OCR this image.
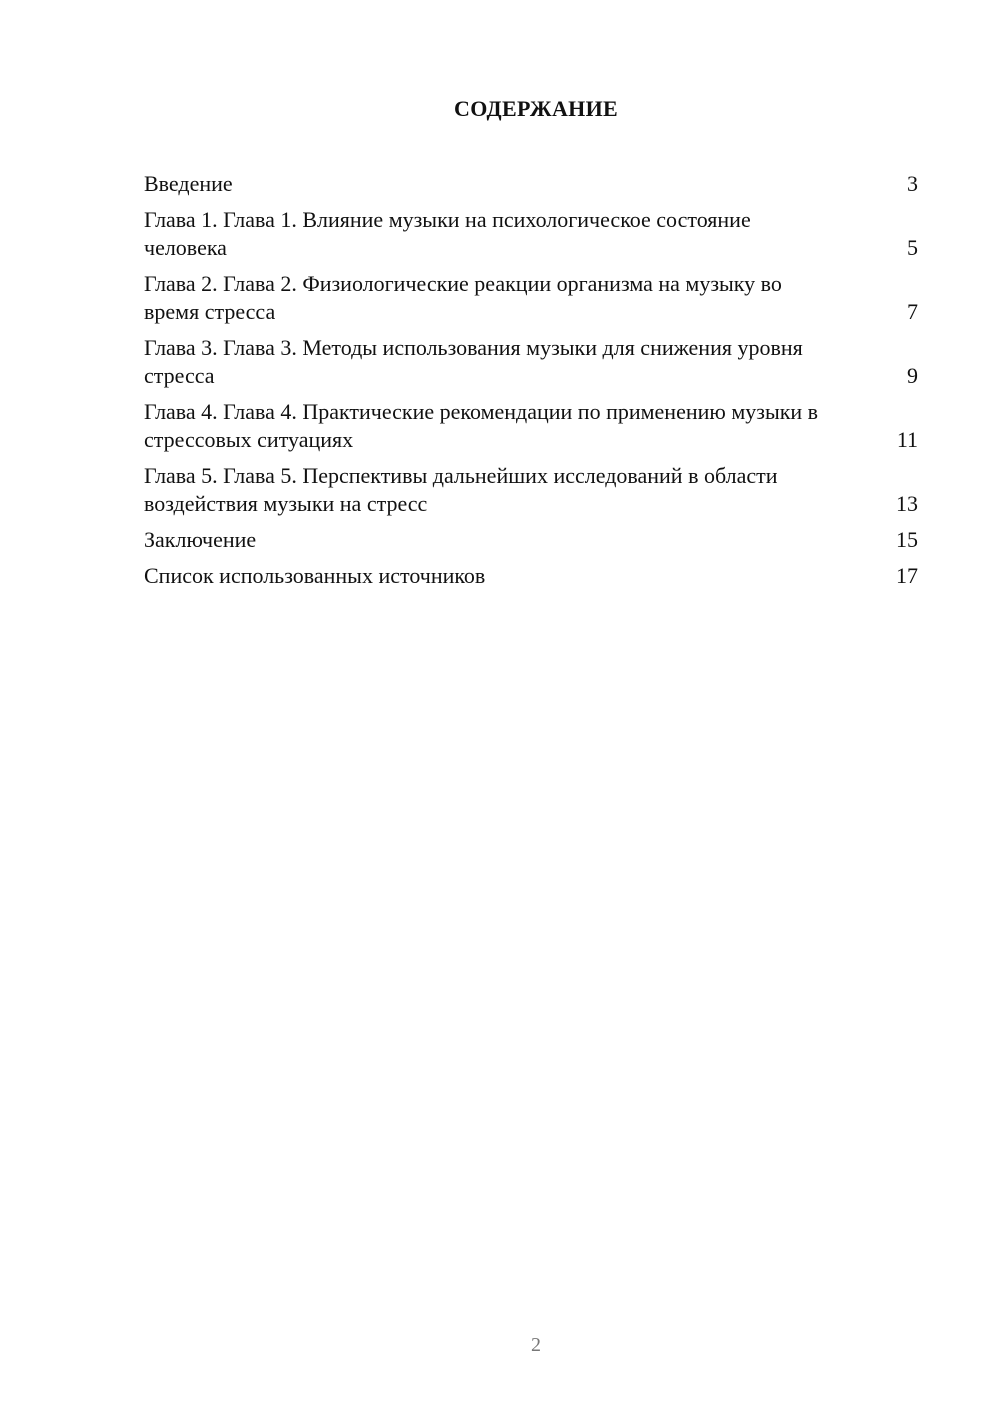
СОДЕРЖАНИЕ
Введение	3
Глава 1. Глава 1. Влияние музыки на психологическое состояние человека	5
Глава 2. Глава 2. Физиологические реакции организма на музыку во время стресса	7
Глава 3. Глава 3. Методы использования музыки для снижения уровня стресса	9
Глава 4. Глава 4. Практические рекомендации по применению музыки в стрессовых ситуациях	11
Глава 5. Глава 5. Перспективы дальнейших исследований в области воздействия музыки на стресс	13
Заключение	15
Список использованных источников	17
2
